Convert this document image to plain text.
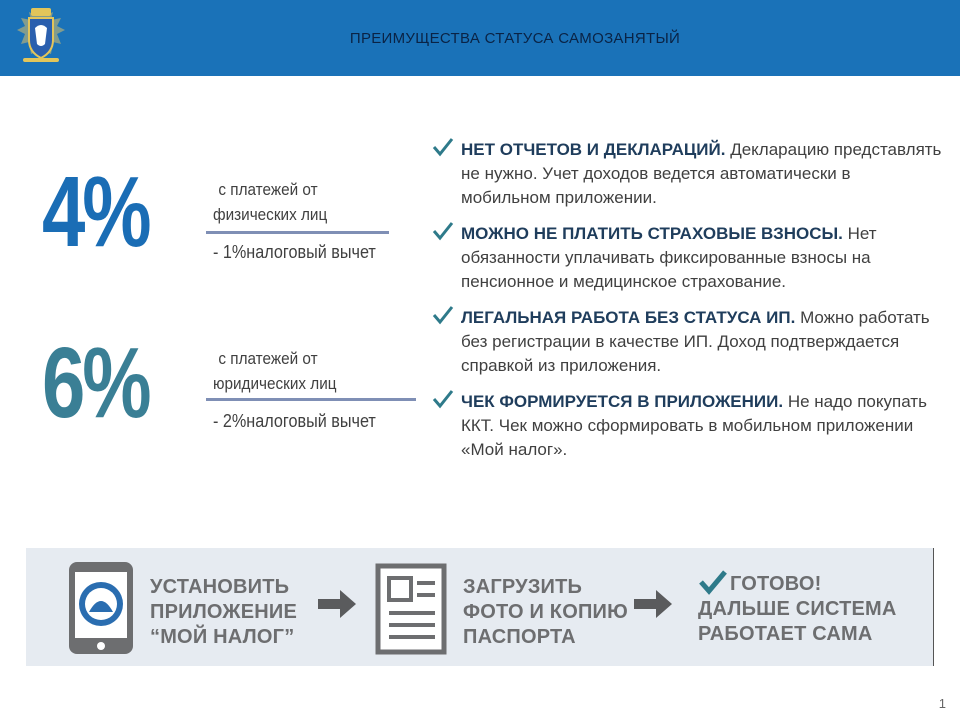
ПРЕИМУЩЕСТВА СТАТУСА САМОЗАНЯТЫЙ
4%	с платежей от
физических лиц
- 1%налоговый вычет
6%	с платежей от
юридических лиц
- 2%налоговый вычет
НЕТ ОТЧЕТОВ И ДЕКЛАРАЦИЙ. Декларацию представлять не нужно. Учет доходов ведется автоматически в мобильном приложении.
МОЖНО НЕ ПЛАТИТЬ СТРАХОВЫЕ ВЗНОСЫ. Нет обязанности уплачивать фиксированные взносы на пенсионное и медицинское страхование.
ЛЕГАЛЬНАЯ РАБОТА БЕЗ СТАТУСА ИП. Можно работать без регистрации в качестве ИП. Доход подтверждается справкой из приложения.
ЧЕК ФОРМИРУЕТСЯ В ПРИЛОЖЕНИИ. Не надо покупать ККТ. Чек можно сформировать в мобильном приложении «Мой налог».
УСТАНОВИТЬ
ПРИЛОЖЕНИЕ
“МОЙ НАЛОГ”
ЗАГРУЗИТЬ
ФОТО И КОПИЮ
ПАСПОРТА
ГОТОВО!
ДАЛЬШЕ СИСТЕМА
РАБОТАЕТ САМА
1
